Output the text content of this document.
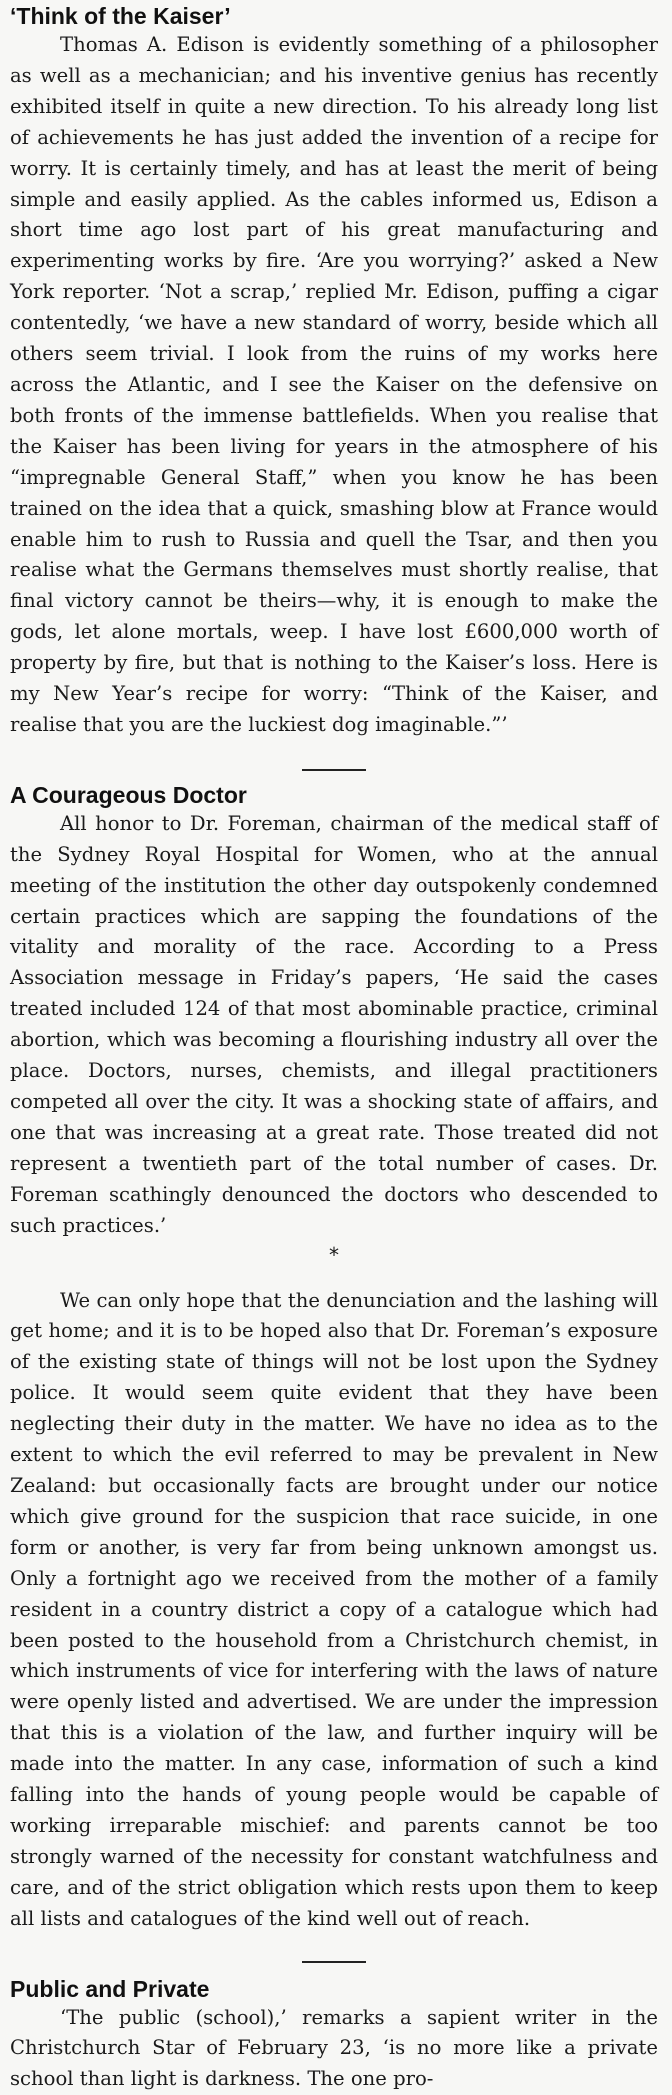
‘Think of the Kaiser’

Thomas A. Edison is evidently something of a philosopher as well as a mechanician; and his inventive genius has recently exhibited itself in quite a new direction. To his already long list of achievements he has just added the invention of a recipe for worry. It is certainly timely, and has at least the merit of being simple and easily applied. As the cables informed us, Edison a short time ago lost part of his great manufacturing and experimenting works by fire. ‘Are you worrying?’ asked a New York reporter. ‘Not a scrap,’ replied Mr. Edison, puffing a cigar contentedly, ‘we have a new standard of worry, beside which all others seem trivial. I look from the ruins of my works here across the Atlantic, and I see the Kaiser on the defensive on both fronts of the immense battlefields. When you realise that the Kaiser has been living for years in the atmosphere of his “impregnable General Staff,” when you know he has been trained on the idea that a quick, smashing blow at France would enable him to rush to Russia and quell the Tsar, and then you realise what the Germans themselves must shortly realise, that final victory cannot be theirs—why, it is enough to make the gods, let alone mortals, weep. I have lost £600,000 worth of property by fire, but that is nothing to the Kaiser’s loss. Here is my New Year’s recipe for worry: “Think of the Kaiser, and realise that you are the luckiest dog imaginable.”’

A Courageous Doctor

All honor to Dr. Foreman, chairman of the medical staff of the Sydney Royal Hospital for Women, who at the annual meeting of the institution the other day outspokenly condemned certain practices which are sapping the foundations of the vitality and morality of the race. According to a Press Association message in Friday’s papers, ‘He said the cases treated included 124 of that most abominable practice, criminal abortion, which was becoming a flourishing industry all over the place. Doctors, nurses, chemists, and illegal practitioners competed all over the city. It was a shocking state of affairs, and one that was increasing at a great rate. Those treated did not represent a twentieth part of the total number of cases. Dr. Foreman scathingly denounced the doctors who descended to such practices.’

*

We can only hope that the denunciation and the lashing will get home; and it is to be hoped also that Dr. Foreman’s exposure of the existing state of things will not be lost upon the Sydney police. It would seem quite evident that they have been neglecting their duty in the matter. We have no idea as to the extent to which the evil referred to may be prevalent in New Zealand: but occasionally facts are brought under our notice which give ground for the suspicion that race suicide, in one form or another, is very far from being unknown amongst us. Only a fortnight ago we received from the mother of a family resident in a country district a copy of a catalogue which had been posted to the household from a Christchurch chemist, in which instruments of vice for interfering with the laws of nature were openly listed and advertised. We are under the impression that this is a violation of the law, and further inquiry will be made into the matter. In any case, information of such a kind falling into the hands of young people would be capable of working irreparable mischief: and parents cannot be too strongly warned of the necessity for constant watchfulness and care, and of the strict obligation which rests upon them to keep all lists and catalogues of the kind well out of reach.

Public and Private

‘The public (school),’ remarks a sapient writer in the Christchurch Star of February 23, ‘is no more like a private school than light is darkness. The one pro-
